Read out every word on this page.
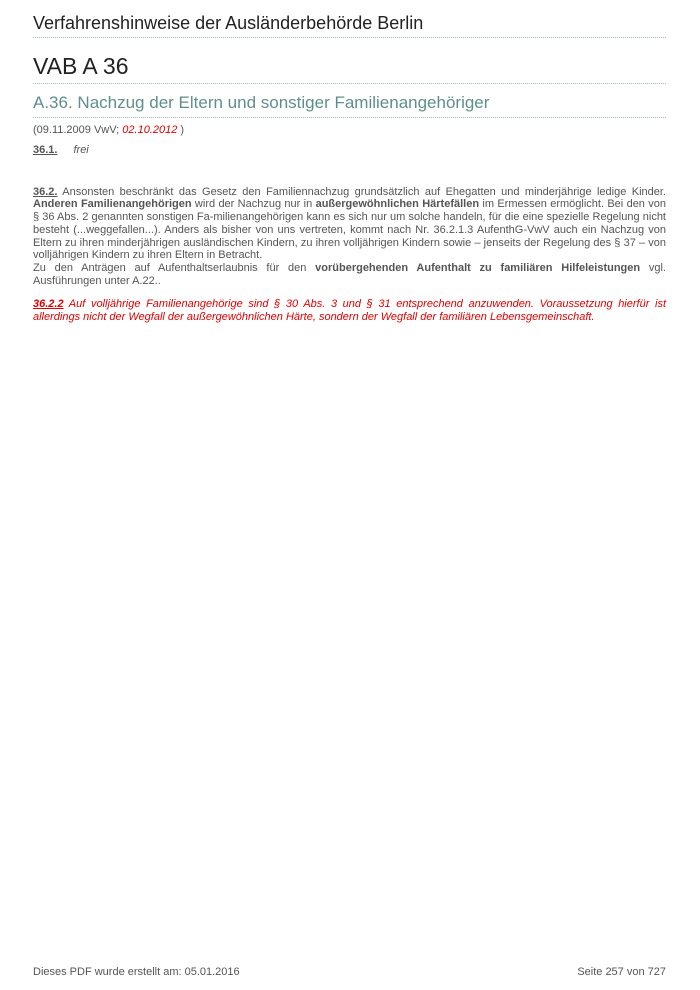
Verfahrenshinweise der Ausländerbehörde Berlin
VAB A 36
A.36. Nachzug der Eltern und sonstiger Familienangehöriger
(09.11.2009 VwV; 02.10.2012 )
36.1. frei
36.2. Ansonsten beschränkt das Gesetz den Familiennachzug grundsätzlich auf Ehegatten und minderjährige ledige Kinder. Anderen Familienangehörigen wird der Nachzug nur in außergewöhnlichen Härtefällen im Ermessen ermöglicht. Bei den von § 36 Abs. 2 genannten sonstigen Fa-milienangehörigen kann es sich nur um solche handeln, für die eine spezielle Regelung nicht besteht (...weggefallen...). Anders als bisher von uns vertreten, kommt nach Nr. 36.2.1.3 AufenthG-VwV auch ein Nachzug von Eltern zu ihren minderjährigen ausländischen Kindern, zu ihren volljährigen Kindern sowie – jenseits der Regelung des § 37 – von volljährigen Kindern zu ihren Eltern in Betracht.
Zu den Anträgen auf Aufenthaltserlaubnis für den vorübergehenden Aufenthalt zu familiären Hilfeleistungen vgl. Ausführungen unter A.22..
36.2.2 Auf volljährige Familienangehörige sind § 30 Abs. 3 und § 31 entsprechend anzuwenden. Voraussetzung hierfür ist allerdings nicht der Wegfall der außergewöhnlichen Härte, sondern der Wegfall der familiären Lebensgemeinschaft.
Dieses PDF wurde erstellt am: 05.01.2016	Seite 257 von 727
